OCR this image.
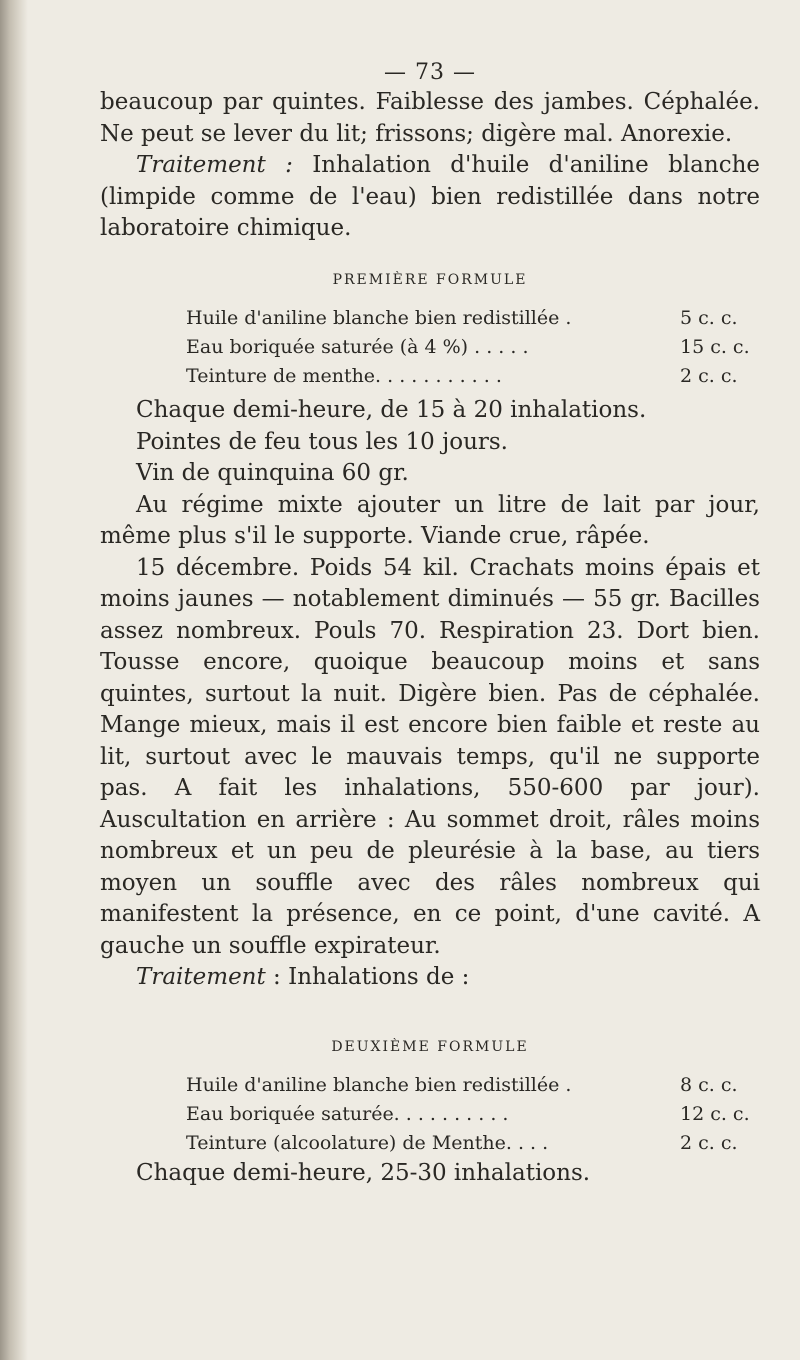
— 73 —

beaucoup par quintes. Faiblesse des jambes. Céphalée. Ne peut se lever du lit; frissons; digère mal. Anorexie.

Traitement : Inhalation d'huile d'aniline blanche (limpide comme de l'eau) bien redistillée dans notre laboratoire chimique.

PREMIÈRE FORMULE
Huile d'aniline blanche bien redistillée .	5 c. c.
Eau boriquée saturée (à 4 %) . . . . .	15 c. c.
Teinture de menthe. . . . . . . . . . .	2 c. c.

Chaque demi-heure, de 15 à 20 inhalations.

Pointes de feu tous les 10 jours.

Vin de quinquina 60 gr.

Au régime mixte ajouter un litre de lait par jour, même plus s'il le supporte. Viande crue, râpée.

15 décembre. Poids 54 kil. Crachats moins épais et moins jaunes — notablement diminués — 55 gr. Bacilles assez nombreux. Pouls 70. Respiration 23. Dort bien. Tousse encore, quoique beaucoup moins et sans quintes, surtout la nuit. Digère bien. Pas de céphalée. Mange mieux, mais il est encore bien faible et reste au lit, surtout avec le mauvais temps, qu'il ne supporte pas. A fait les inhalations, 550-600 par jour). Auscultation en arrière : Au sommet droit, râles moins nombreux et un peu de pleurésie à la base, au tiers moyen un souffle avec des râles nombreux qui manifestent la présence, en ce point, d'une cavité. A gauche un souffle expirateur.

Traitement : Inhalations de :

DEUXIÈME FORMULE
Huile d'aniline blanche bien redistillée .	8 c. c.
Eau boriquée saturée. . . . . . . . . .	12 c. c.
Teinture (alcoolature) de Menthe. . . .	2 c. c.

Chaque demi-heure, 25-30 inhalations.
